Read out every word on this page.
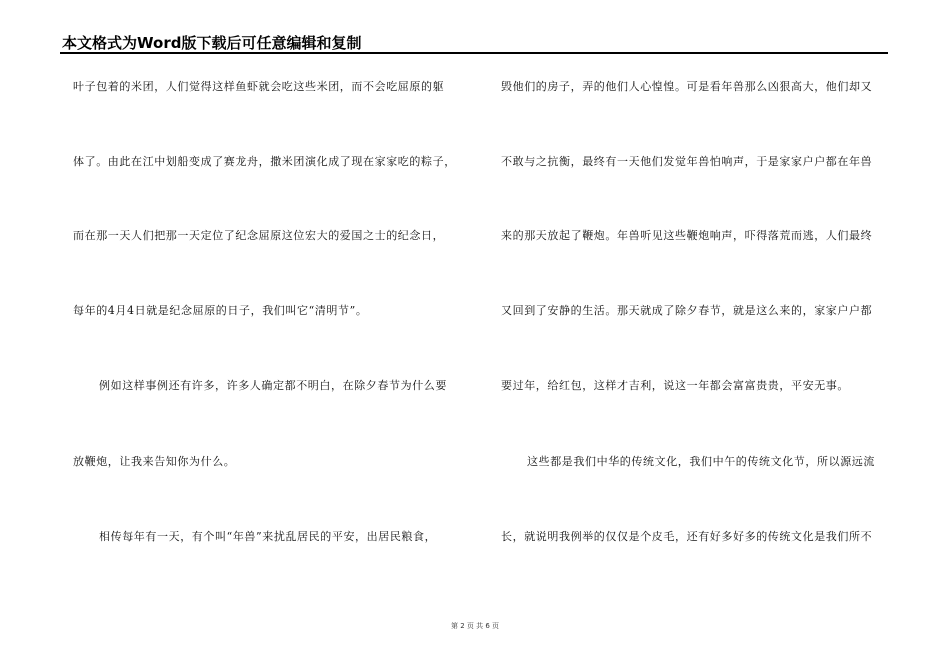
本文格式为Word版下载后可任意编辑和复制
叶子包着的米团，人们觉得这样鱼虾就会吃这些米团，而不会吃屈原的躯
体了。由此在江中划船变成了赛龙舟，撒米团演化成了现在家家吃的粽子，
而在那一天人们把那一天定位了纪念屈原这位宏大的爱国之士的纪念日，
每年的4月4日就是纪念屈原的日子，我们叫它“清明节”。
例如这样事例还有许多，许多人确定都不明白，在除夕春节为什么要
放鞭炮，让我来告知你为什么。
相传每年有一天，有个叫“年兽”来扰乱居民的平安，出居民粮食，
毁他们的房子，弄的他们人心惶惶。可是看年兽那么凶狠高大，他们却又
不敢与之抗衡，最终有一天他们发觉年兽怕响声，于是家家户户都在年兽
来的那天放起了鞭炮。年兽听见这些鞭炮响声，吓得落荒而逃，人们最终
又回到了安静的生活。那天就成了除夕春节，就是这么来的，家家户户都
要过年，给红包，这样才吉利，说这一年都会富富贵贵，平安无事。
这些都是我们中华的传统文化，我们中午的传统文化节，所以源远流
长，就说明我例举的仅仅是个皮毛，还有好多好多的传统文化是我们所不
第 2 页 共 6 页
